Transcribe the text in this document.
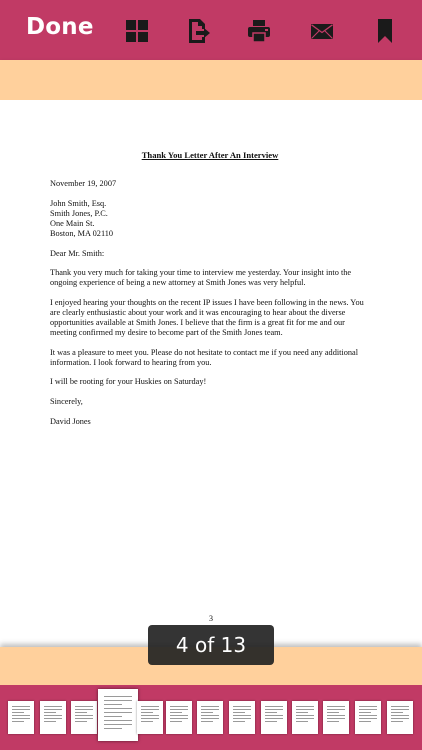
Done
Thank You Letter After An Interview
November 19, 2007
John Smith, Esq.
Smith Jones, P.C.
One Main St.
Boston, MA 02110
Dear Mr. Smith:
Thank you very much for taking your time to interview me yesterday. Your insight into the
ongoing experience of being a new attorney at Smith Jones was very helpful.
I enjoyed hearing your thoughts on the recent IP issues I have been following in the news. You
are clearly enthusiastic about your work and it was encouraging to hear about the diverse
opportunities available at Smith Jones. I believe that the firm is a great fit for me and our
meeting confirmed my desire to become part of the Smith Jones team.
It was a pleasure to meet you. Please do not hesitate to contact me if you need any additional
information. I look forward to hearing from you.
I will be rooting for your Huskies on Saturday!
Sincerely,
David Jones
3
4 of 13
